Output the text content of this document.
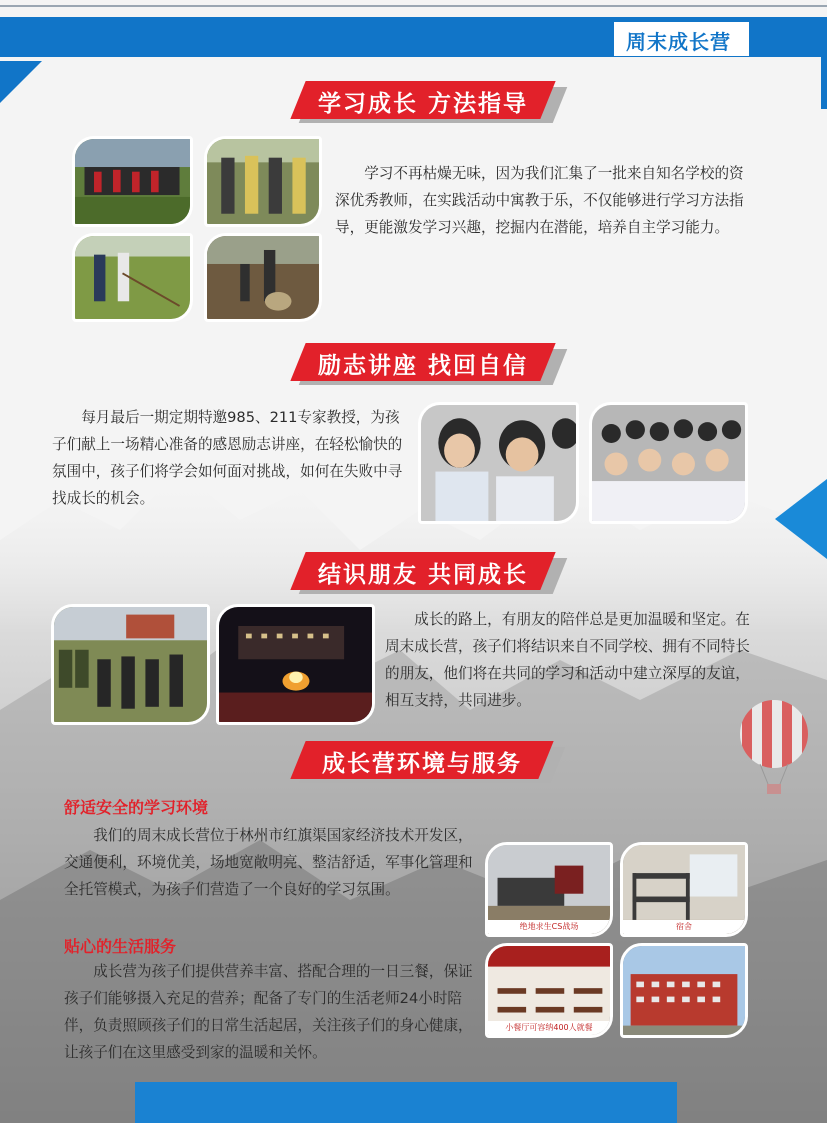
周末成长营
学习成长 方法指导
学习不再枯燥无味，因为我们汇集了一批来自知名学校的资深优秀教师，在实践活动中寓教于乐，不仅能够进行学习方法指导，更能激发学习兴趣，挖掘内在潜能，培养自主学习能力。
励志讲座 找回自信
每月最后一期定期特邀985、211专家教授，为孩子们献上一场精心准备的感恩励志讲座，在轻松愉快的氛围中，孩子们将学会如何面对挑战，如何在失败中寻找成长的机会。
结识朋友 共同成长
成长的路上，有朋友的陪伴总是更加温暖和坚定。在周末成长营，孩子们将结识来自不同学校、拥有不同特长的朋友，他们将在共同的学习和活动中建立深厚的友谊，相互支持，共同进步。
成长营环境与服务
舒适安全的学习环境
我们的周末成长营位于林州市红旗渠国家经济技术开发区，交通便利，环境优美，场地宽敞明亮、整洁舒适，军事化管理和全托管模式，为孩子们营造了一个良好的学习氛围。
贴心的生活服务
成长营为孩子们提供营养丰富、搭配合理的一日三餐，保证孩子们能够摄入充足的营养；配备了专门的生活老师24小时陪伴，负责照顾孩子们的日常生活起居，关注孩子们的身心健康，让孩子们在这里感受到家的温暖和关怀。
绝地求生CS战场	宿舍
小餐厅可容纳400人就餐
